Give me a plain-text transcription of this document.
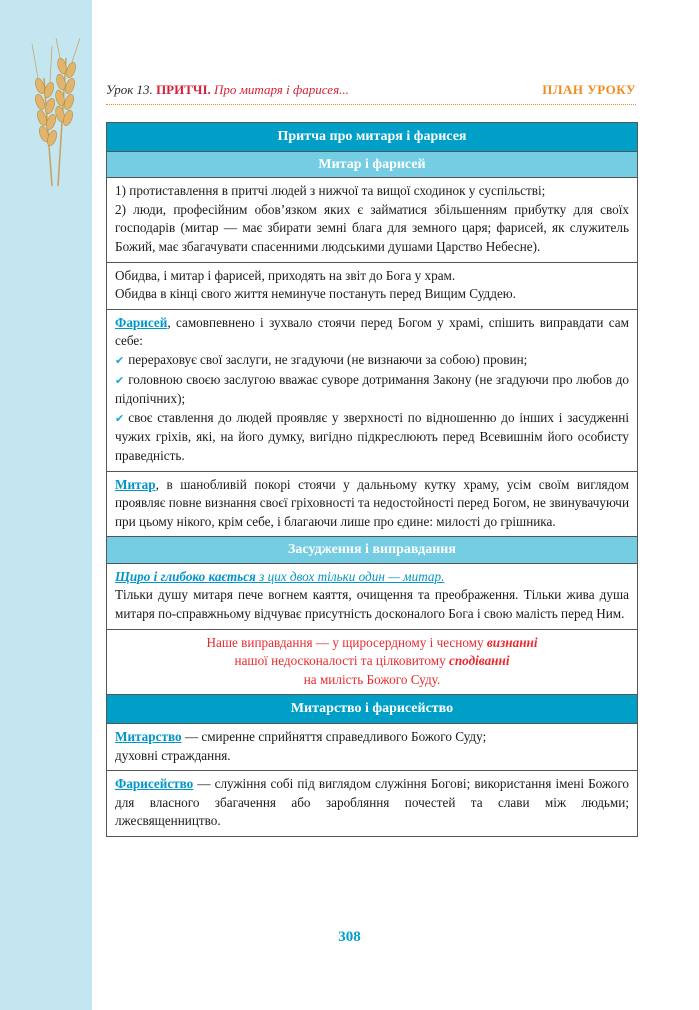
Урок 13. ПРИТЧІ. Про митаря і фарисея...	ПЛАН УРОКУ
Притча про митаря і фарисея
Митар і фарисей

1) протиставлення в притчі людей з нижчої та вищої сходинок у суспільстві;

2) люди, професійним обов’язком яких є займатися збільшенням прибутку для своїх господарів (митар — має збирати земні блага для земного царя; фарисей, як служитель Божий, має збагачувати спасенними людськими душами Царство Небесне).

Обидва, і митар і фарисей, приходять на звіт до Бога у храм.

Обидва в кінці свого життя неминуче постануть перед Вищим Суддею.

Фарисей, самовпевнено і зухвало стоячи перед Богом у храмі, спішить виправдати сам себе:

✔ перераховує свої заслуги, не згадуючи (не визнаючи за собою) провин;

✔ головною своєю заслугою вважає суворе дотримання Закону (не згадуючи про любов до підопічних);

✔ своє ставлення до людей проявляє у зверхності по відношенню до інших і засудженні чужих гріхів, які, на його думку, вигідно підкреслюють перед Всевишнім його особисту праведність.

Митар, в шанобливій покорі стоячи у дальньому кутку храму, усім своїм виглядом проявляє повне визнання своєї гріховності та недостойності перед Богом, не звинувачуючи при цьому нікого, крім себе, і благаючи лише про єдине: милості до грішника.

Засудження і виправдання

Щиро і глибоко кається з цих двох тільки один — митар.

Тільки душу митаря пече вогнем каяття, очищення та преображення. Тільки жива душа митаря по-справжньому відчуває присутність досконалого Бога і свою малість перед Ним.

Наше виправдання — у щиросердному і чесному визнанні

нашої недосконалості та цілковитому сподіванні

на милість Божого Суду.

Митарство і фарисейство

Митарство — смиренне сприйняття справедливого Божого Суду;

духовні страждання.

Фарисейство — служіння собі під виглядом служіння Богові; використання імені Божого для власного збагачення або заробляння почестей та слави між людьми; лжесвященництво.

308
